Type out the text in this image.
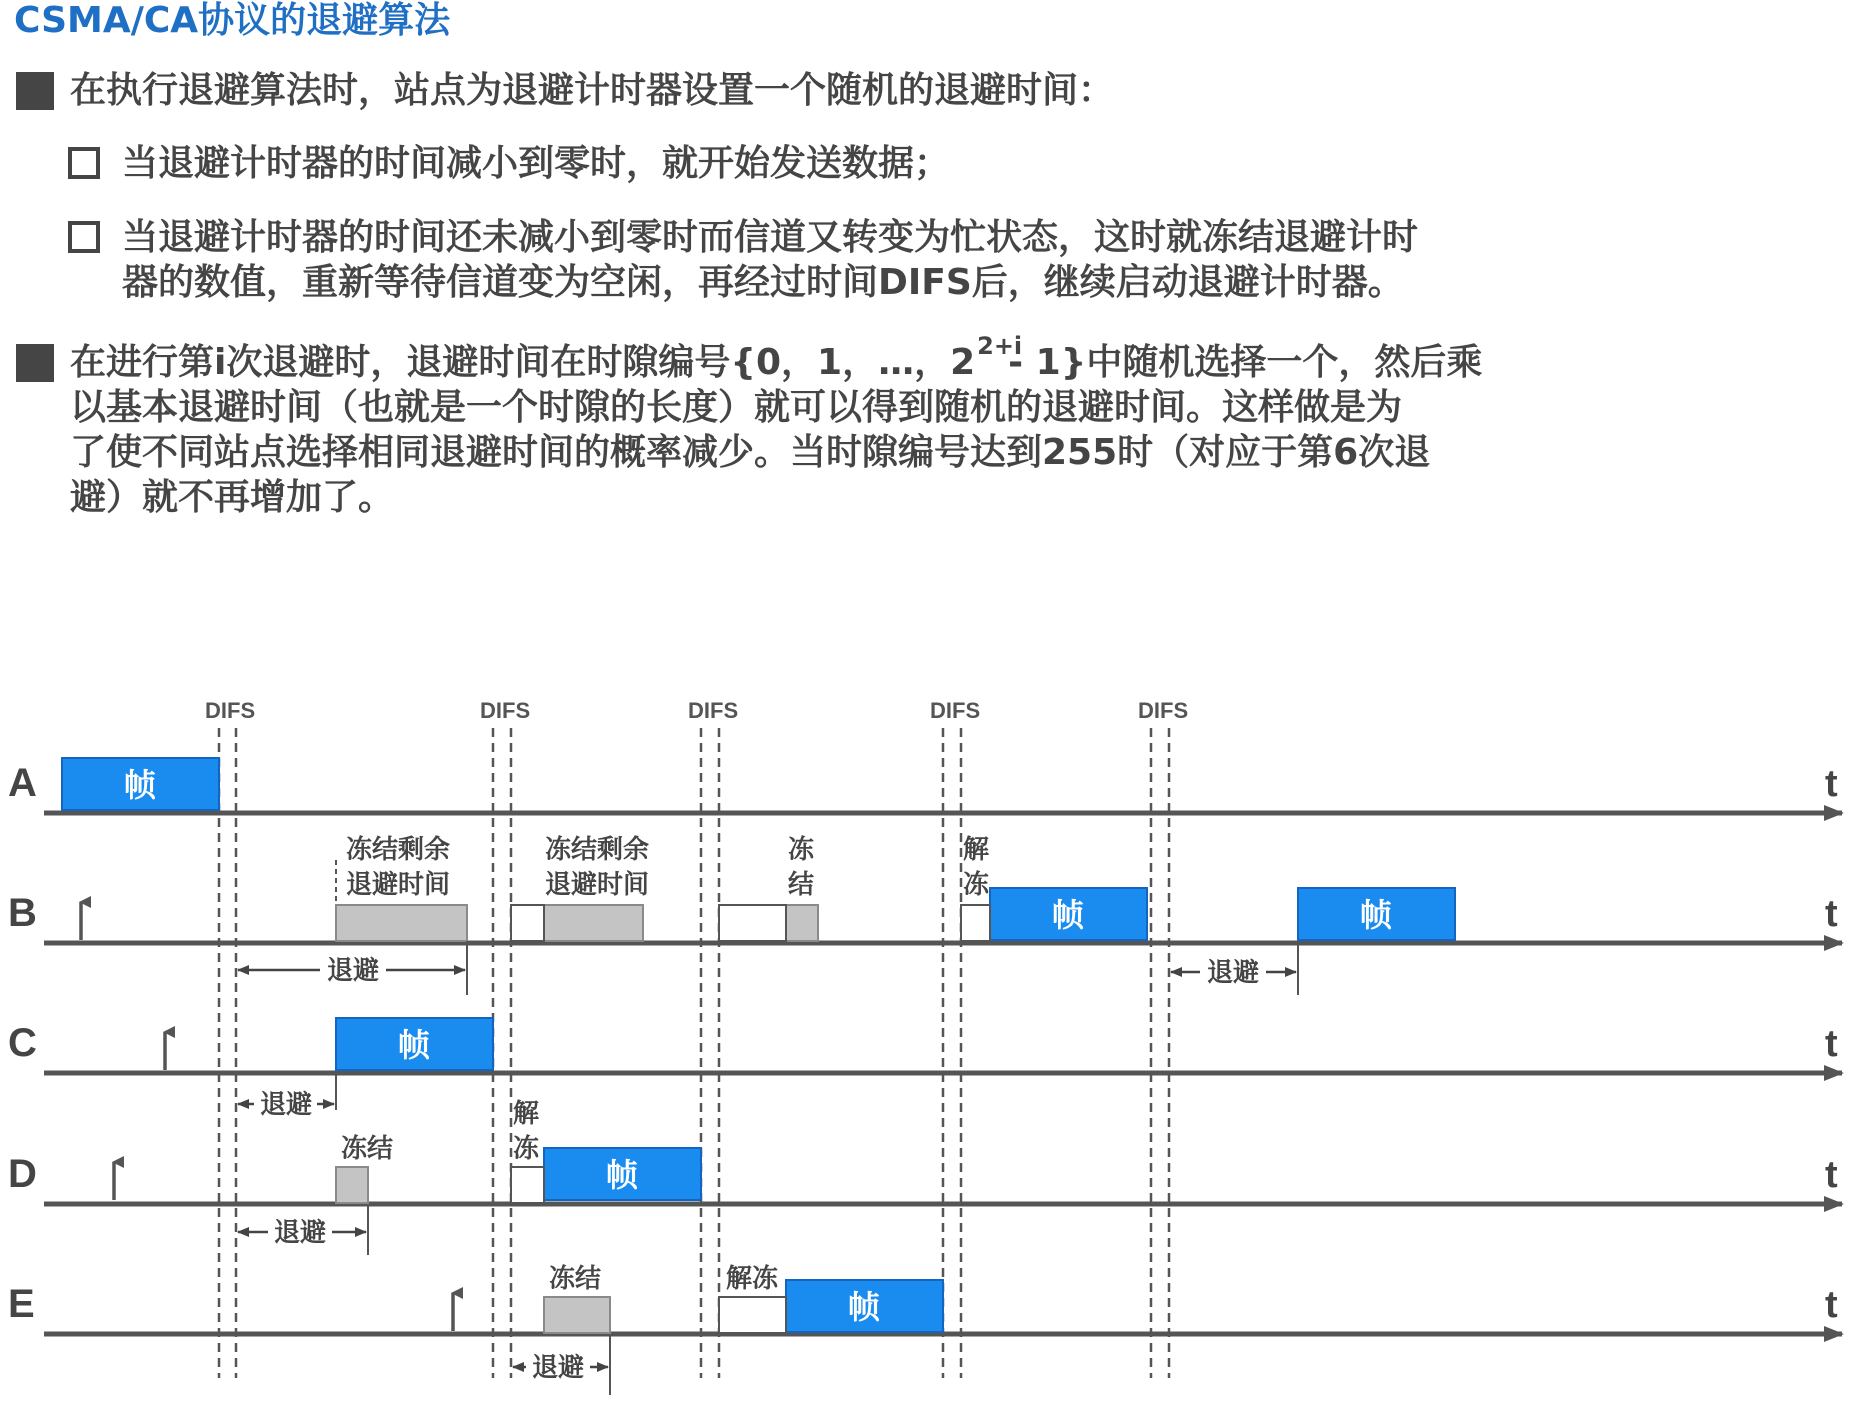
CSMA/CA协议的退避算法
在执行退避算法时，站点为退避计时器设置一个随机的退避时间：
当退避计时器的时间减小到零时，就开始发送数据；
当退避计时器的时间还未减小到零时而信道又转变为忙状态，这时就冻结退避计时
器的数值，重新等待信道变为空闲，再经过时间DIFS后，继续启动退避计时器。
在进行第i次退避时，退避时间在时隙编号{0，1，…，$2^{2+i}-$ 1}中随机选择一个，然后乘
以基本退避时间（也就是一个时隙的长度）就可以得到随机的退避时间。这样做是为
了使不同站点选择相同退避时间的概率减少。当时隙编号达到255时（对应于第6次退
避）就不再增加了。
DIFS	DIFS	DIFS	DIFS	DIFS
A
B
C
D
E
t
t
t
t
t
帧
帧	帧
帧
帧
帧
冻结剩余
退避时间
冻结剩余
退避时间
冻
结
解
冻
解
冻
冻结
冻结	解冻
退避	退避
退避
退避
退避
